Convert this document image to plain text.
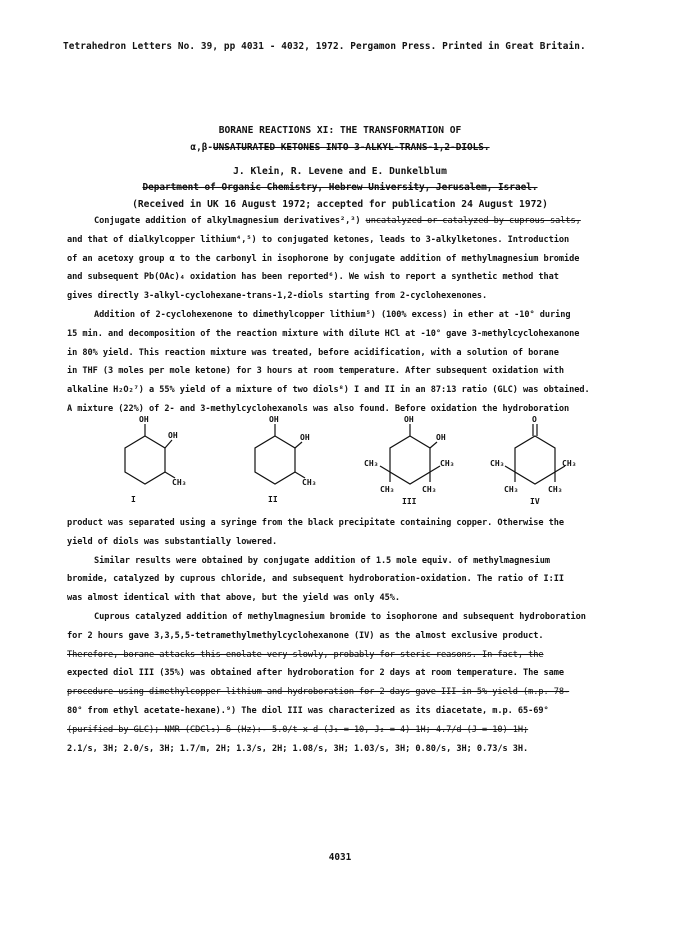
Tetrahedron Letters No. 39, pp 4031 - 4032, 1972. Pergamon Press. Printed in Great Britain.
BORANE REACTIONS XI: THE TRANSFORMATION OF
α,β-UNSATURATED KETONES INTO 3-ALKYL-TRANS-1,2-DIOLS.
J. Klein, R. Levene and E. Dunkelblum
Department of Organic Chemistry, Hebrew University, Jerusalem, Israel.
(Received in UK 16 August 1972; accepted for publication 24 August 1972)
Conjugate addition of alkylmagnesium derivatives²,³) uncatalyzed or catalyzed by cuprous salts,
and that of dialkylcopper lithium⁴,⁵) to conjugated ketones, leads to 3-alkylketones. Introduction
of an acetoxy group α to the carbonyl in isophorone by conjugate addition of methylmagnesium bromide
and subsequent Pb(OAc)₄ oxidation has been reported⁶). We wish to report a synthetic method that
gives directly 3-alkyl-cyclohexane-trans-1,2-diols starting from 2-cyclohexenones.
Addition of 2-cyclohexenone to dimethylcopper lithium⁵) (100% excess) in ether at -10° during
15 min. and decomposition of the reaction mixture with dilute HCl at -10° gave 3-methylcyclohexanone
in 80% yield. This reaction mixture was treated, before acidification, with a solution of borane
in THF (3 moles per mole ketone) for 3 hours at room temperature. After subsequent oxidation with
alkaline H₂O₂⁷) a 55% yield of a mixture of two diols⁸) I and II in an 87:13 ratio (GLC) was obtained.
A mixture (22%) of 2- and 3-methylcyclohexanols was also found. Before oxidation the hydroboration
OH
OH
CH₃
I
OH
OH
CH₃
II
OH
OH
CH₃
CH₃
CH₃
CH₃
III
O
CH₃
CH₃
CH₃
CH₃
IV
product was separated using a syringe from the black precipitate containing copper. Otherwise the
yield of diols was substantially lowered.
Similar results were obtained by conjugate addition of 1.5 mole equiv. of methylmagnesium
bromide, catalyzed by cuprous chloride, and subsequent hydroboration-oxidation. The ratio of I:II
was almost identical with that above, but the yield was only 45%.
Cuprous catalyzed addition of methylmagnesium bromide to isophorone and subsequent hydroboration
for 2 hours gave 3,3,5,5-tetramethylmethylcyclohexanone (IV) as the almost exclusive product.
Therefore, borane attacks this enolate very slowly, probably for steric reasons. In fact, the
expected diol III (35%) was obtained after hydroboration for 2 days at room temperature. The same
procedure using dimethylcopper lithium and hydroboration for 2 days gave III in 5% yield (m.p. 78-
80° from ethyl acetate-hexane).⁹) The diol III was characterized as its diacetate, m.p. 65-69°
(purified by GLC); NMR (CDCl₃) δ (Hz):- 5.0/t x d (J₁ = 10, J₂ = 4) 1H; 4.7/d (J = 10) 1H;
2.1/s, 3H; 2.0/s, 3H; 1.7/m, 2H; 1.3/s, 2H; 1.08/s, 3H; 1.03/s, 3H; 0.80/s, 3H; 0.73/s 3H.
4031
